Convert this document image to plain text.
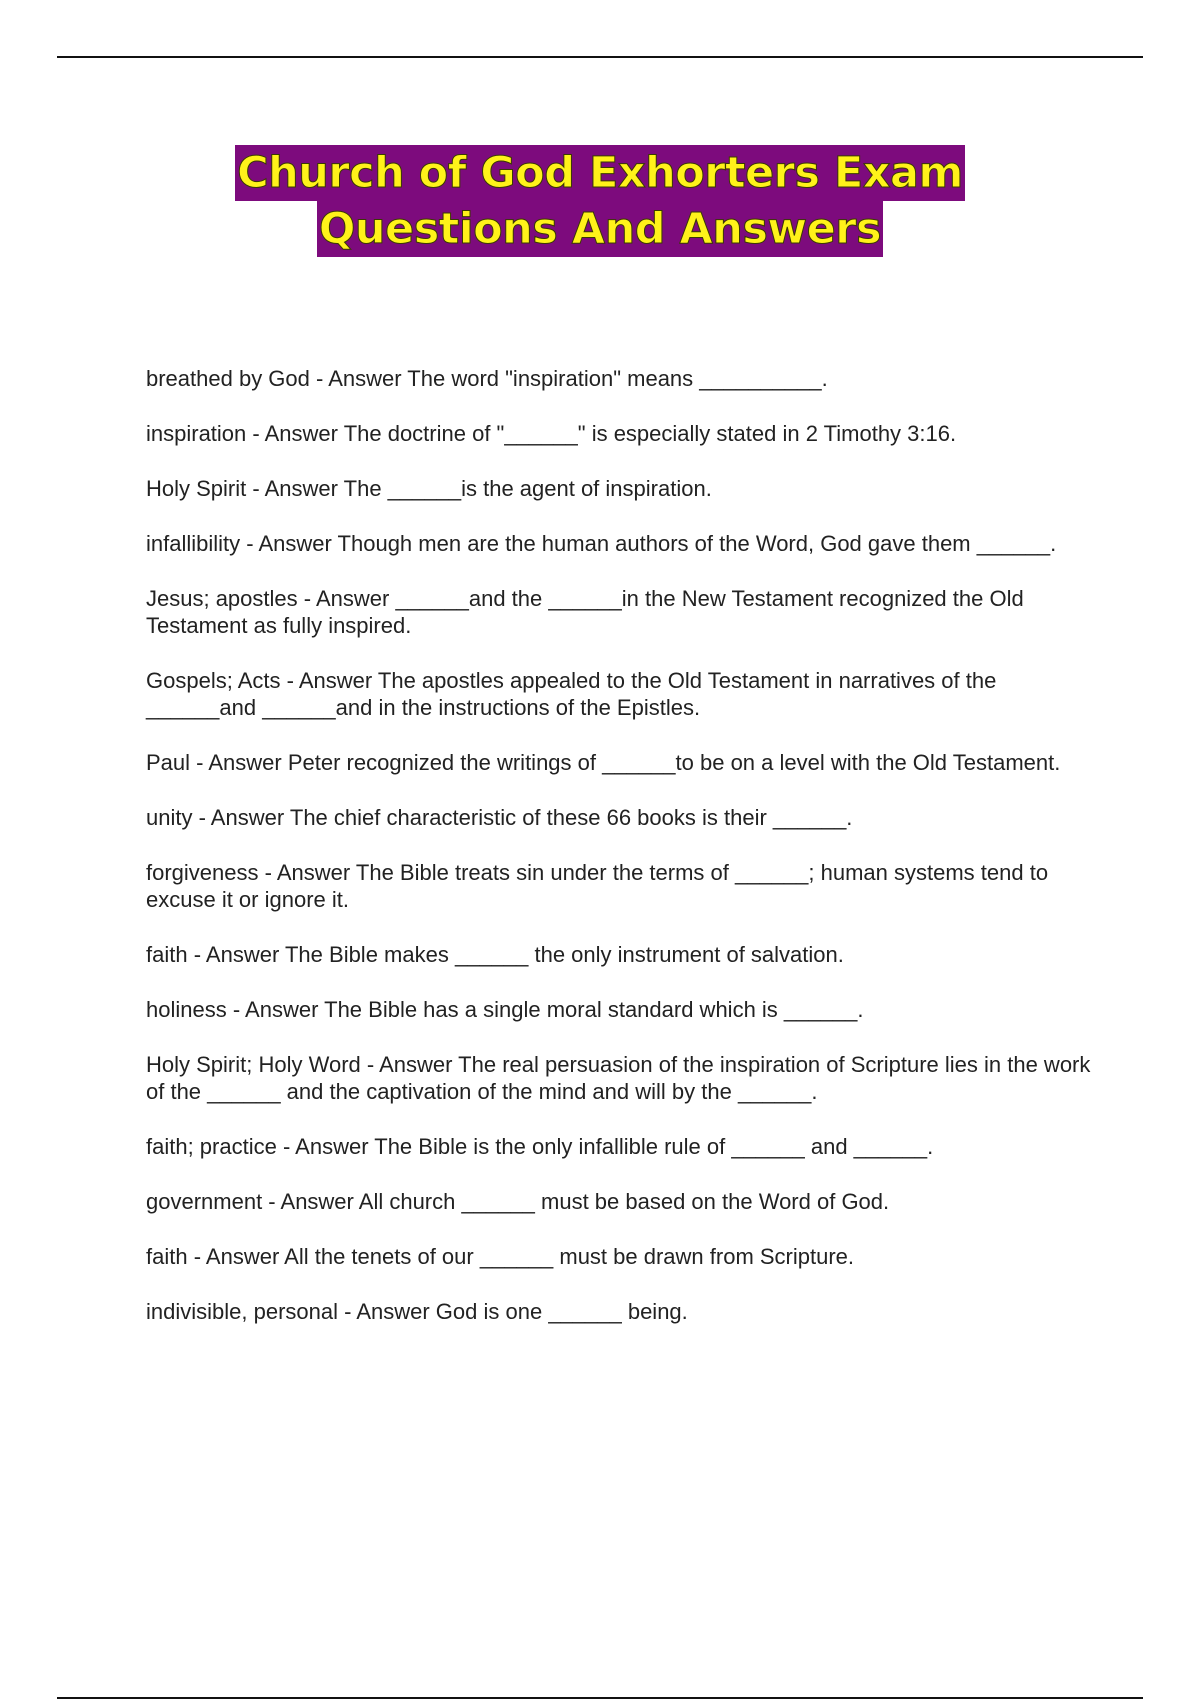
Church of God Exhorters Exam
Questions And Answers
breathed by God - Answer The word "inspiration" means __________.
inspiration - Answer The doctrine of "______" is especially stated in 2 Timothy 3:16.
Holy Spirit - Answer The ______is the agent of inspiration.
infallibility - Answer Though men are the human authors of the Word, God gave them ______.
Jesus; apostles - Answer ______and the ______in the New Testament recognized the Old Testament as fully inspired.
Gospels; Acts - Answer The apostles appealed to the Old Testament in narratives of the ______and ______and in the instructions of the Epistles.
Paul - Answer Peter recognized the writings of ______to be on a level with the Old Testament.
unity - Answer The chief characteristic of these 66 books is their ______.
forgiveness - Answer The Bible treats sin under the terms of ______; human systems tend to excuse it or ignore it.
faith - Answer The Bible makes ______ the only instrument of salvation.
holiness - Answer The Bible has a single moral standard which is ______.
Holy Spirit; Holy Word - Answer The real persuasion of the inspiration of Scripture lies in the work of the ______ and the captivation of the mind and will by the ______.
faith; practice - Answer The Bible is the only infallible rule of ______ and ______.
government - Answer All church ______ must be based on the Word of God.
faith - Answer All the tenets of our ______ must be drawn from Scripture.
indivisible, personal - Answer God is one ______ being.
